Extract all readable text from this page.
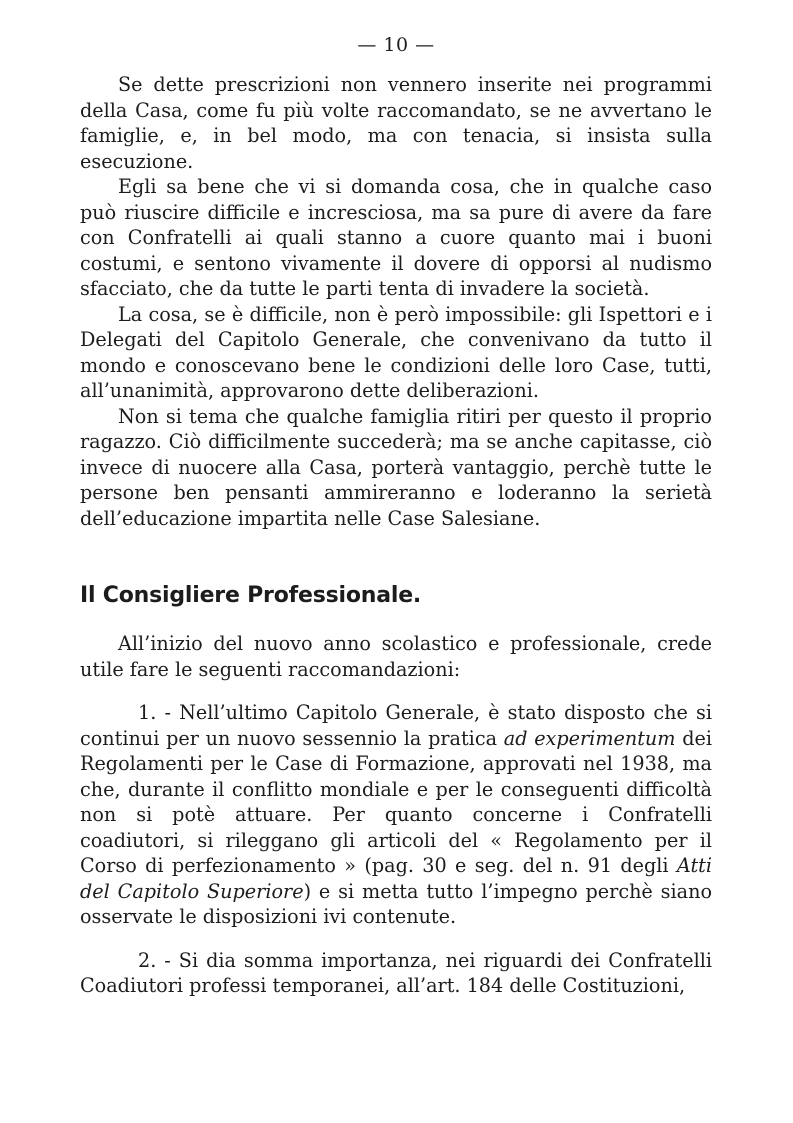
— 10 —

Se dette prescrizioni non vennero inserite nei programmi della Casa, come fu più volte raccomandato, se ne avvertano le famiglie, e, in bel modo, ma con tenacia, si insista sulla esecuzione.

Egli sa bene che vi si domanda cosa, che in qualche caso può riuscire difficile e incresciosa, ma sa pure di avere da fare con Confratelli ai quali stanno a cuore quanto mai i buoni costumi, e sentono vivamente il dovere di opporsi al nudismo sfacciato, che da tutte le parti tenta di invadere la società.

La cosa, se è difficile, non è però impossibile: gli Ispettori e i Delegati del Capitolo Generale, che convenivano da tutto il mondo e conoscevano bene le condizioni delle loro Case, tutti, all’unanimità, approvarono dette deliberazioni.

Non si tema che qualche famiglia ritiri per questo il proprio ragazzo. Ciò difficilmente succederà; ma se anche capitasse, ciò invece di nuocere alla Casa, porterà vantaggio, perchè tutte le persone ben pensanti ammireranno e loderanno la serietà dell’educazione impartita nelle Case Salesiane.

Il Consigliere Professionale.

All’inizio del nuovo anno scolastico e professionale, crede utile fare le seguenti raccomandazioni:

1. - Nell’ultimo Capitolo Generale, è stato disposto che si continui per un nuovo sessennio la pratica ad experimentum dei Regolamenti per le Case di Formazione, approvati nel 1938, ma che, durante il conflitto mondiale e per le conseguenti difficoltà non si potè attuare. Per quanto concerne i Confratelli coadiutori, si rileggano gli articoli del « Regolamento per il Corso di perfezionamento » (pag. 30 e seg. del n. 91 degli Atti del Capitolo Superiore) e si metta tutto l’impegno perchè siano osservate le disposizioni ivi contenute.

2. - Si dia somma importanza, nei riguardi dei Confratelli Coadiutori professi temporanei, all’art. 184 delle Costituzioni,
